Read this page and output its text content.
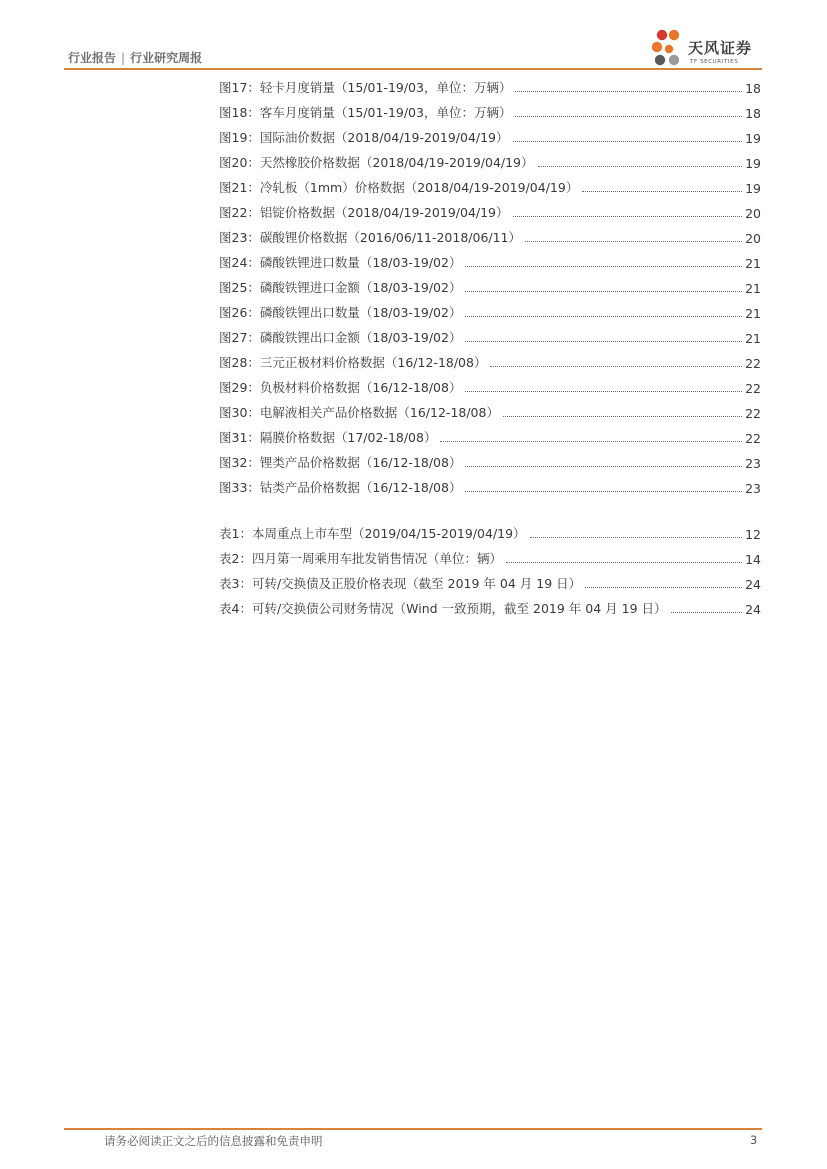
行业报告 | 行业研究周报
天风证券
TF SECURITIES
图17：轻卡月度销量（15/01-19/03，单位：万辆）	18
图18：客车月度销量（15/01-19/03，单位：万辆）	18
图19：国际油价数据（2018/04/19-2019/04/19）	19
图20：天然橡胶价格数据（2018/04/19-2019/04/19）	19
图21：冷轧板（1mm）价格数据（2018/04/19-2019/04/19）	19
图22：铝锭价格数据（2018/04/19-2019/04/19）	20
图23：碳酸锂价格数据（2016/06/11-2018/06/11）	20
图24：磷酸铁锂进口数量（18/03-19/02）	21
图25：磷酸铁锂进口金额（18/03-19/02）	21
图26：磷酸铁锂出口数量（18/03-19/02）	21
图27：磷酸铁锂出口金额（18/03-19/02）	21
图28：三元正极材料价格数据（16/12-18/08）	22
图29：负极材料价格数据（16/12-18/08）	22
图30：电解液相关产品价格数据（16/12-18/08）	22
图31：隔膜价格数据（17/02-18/08）	22
图32：锂类产品价格数据（16/12-18/08）	23
图33：钴类产品价格数据（16/12-18/08）	23
表1：本周重点上市车型（2019/04/15-2019/04/19）	12
表2：四月第一周乘用车批发销售情况（单位：辆）	14
表3：可转/交换债及正股价格表现（截至 2019 年 04 月 19 日）	24
表4：可转/交换债公司财务情况（Wind 一致预期，截至 2019 年 04 月 19 日）	24
请务必阅读正文之后的信息披露和免责申明	3
